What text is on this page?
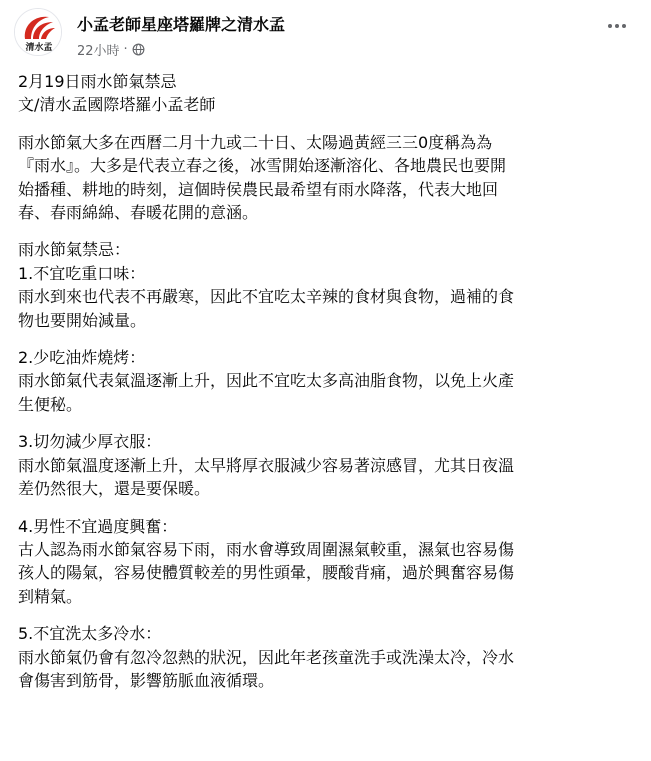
清水孟
小孟老師星座塔羅牌之清水孟
22小時 ·
2月19日雨水節氣禁忌
文/清水孟國際塔羅小孟老師
雨水節氣大多在西曆二月十九或二十日、太陽過黃經三三0度稱為為
『雨水』。大多是代表立春之後，冰雪開始逐漸溶化、各地農民也要開
始播種、耕地的時刻，這個時侯農民最希望有雨水降落，代表大地回
春、春雨綿綿、春暖花開的意涵。
雨水節氣禁忌：
1.不宜吃重口味：
雨水到來也代表不再嚴寒，因此不宜吃太辛辣的食材與食物，過補的食
物也要開始減量。
2.少吃油炸燒烤：
雨水節氣代表氣溫逐漸上升，因此不宜吃太多高油脂食物，以免上火產
生便秘。
3.切勿減少厚衣服：
雨水節氣溫度逐漸上升，太早將厚衣服減少容易著涼感冒，尤其日夜溫
差仍然很大，還是要保暖。
4.男性不宜過度興奮：
古人認為雨水節氣容易下雨，雨水會導致周圍濕氣較重，濕氣也容易傷
孩人的陽氣，容易使體質較差的男性頭暈，腰酸背痛，過於興奮容易傷
到精氣。
5.不宜洗太多冷水：
雨水節氣仍會有忽冷忽熱的狀況，因此年老孩童洗手或洗澡太冷，冷水
會傷害到筋骨，影響筋脈血液循環。
